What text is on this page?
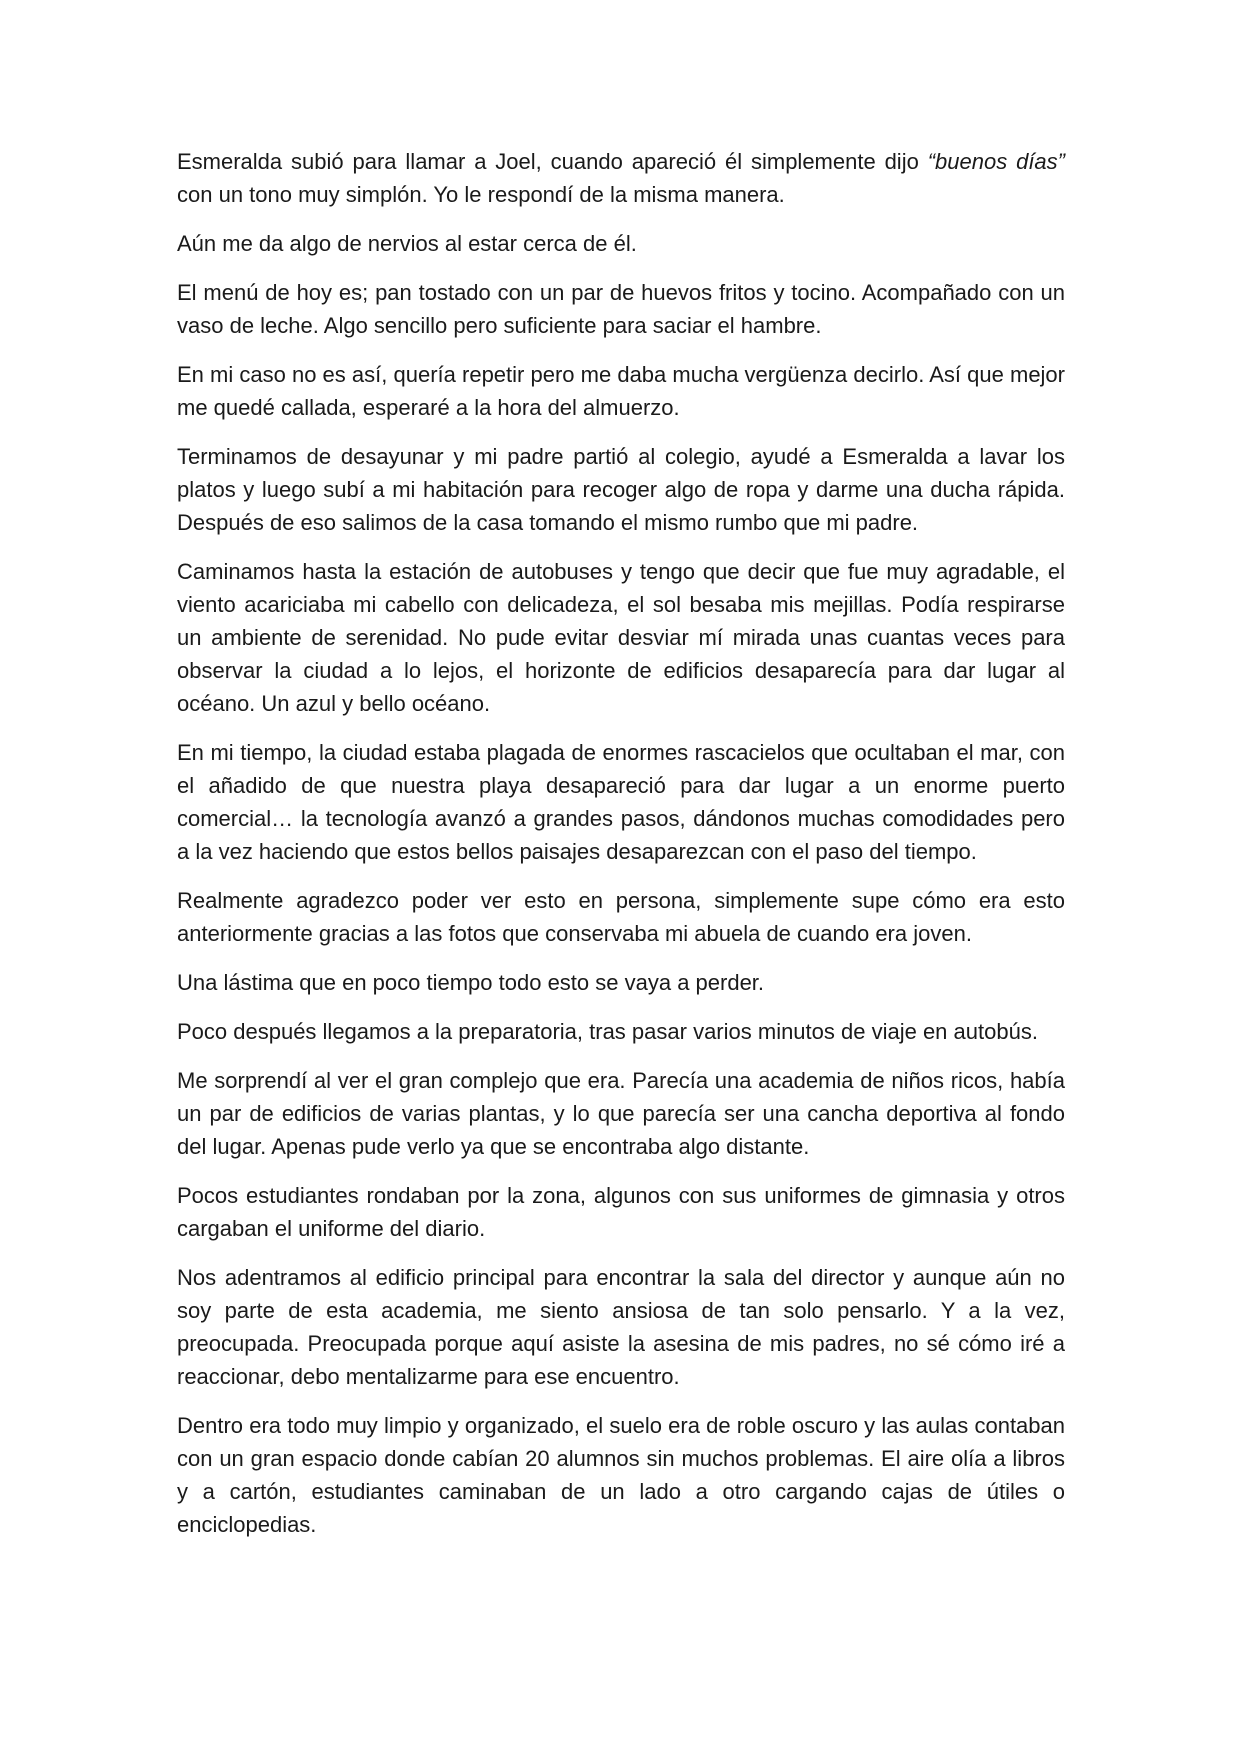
Esmeralda subió para llamar a Joel, cuando apareció él simplemente dijo “buenos días” con un tono muy simplón. Yo le respondí de la misma manera.

Aún me da algo de nervios al estar cerca de él.

El menú de hoy es; pan tostado con un par de huevos fritos y tocino. Acompañado con un vaso de leche. Algo sencillo pero suficiente para saciar el hambre.

En mi caso no es así, quería repetir pero me daba mucha vergüenza decirlo. Así que mejor me quedé callada, esperaré a la hora del almuerzo.

Terminamos de desayunar y mi padre partió al colegio, ayudé a Esmeralda a lavar los platos y luego subí a mi habitación para recoger algo de ropa y darme una ducha rápida. Después de eso salimos de la casa tomando el mismo rumbo que mi padre.

Caminamos hasta la estación de autobuses y tengo que decir que fue muy agradable, el viento acariciaba mi cabello con delicadeza, el sol besaba mis mejillas. Podía respirarse un ambiente de serenidad. No pude evitar desviar mí mirada unas cuantas veces para observar la ciudad a lo lejos, el horizonte de edificios desaparecía para dar lugar al océano. Un azul y bello océano.

En mi tiempo, la ciudad estaba plagada de enormes rascacielos que ocultaban el mar, con el añadido de que nuestra playa desapareció para dar lugar a un enorme puerto comercial… la tecnología avanzó a grandes pasos, dándonos muchas comodidades pero a la vez haciendo que estos bellos paisajes desaparezcan con el paso del tiempo.

Realmente agradezco poder ver esto en persona, simplemente supe cómo era esto anteriormente gracias a las fotos que conservaba mi abuela de cuando era joven.

Una lástima que en poco tiempo todo esto se vaya a perder.

Poco después llegamos a la preparatoria, tras pasar varios minutos de viaje en autobús.

Me sorprendí al ver el gran complejo que era. Parecía una academia de niños ricos, había un par de edificios de varias plantas, y lo que parecía ser una cancha deportiva al fondo del lugar. Apenas pude verlo ya que se encontraba algo distante.

Pocos estudiantes rondaban por la zona, algunos con sus uniformes de gimnasia y otros cargaban el uniforme del diario.

Nos adentramos al edificio principal para encontrar la sala del director y aunque aún no soy parte de esta academia, me siento ansiosa de tan solo pensarlo. Y a la vez, preocupada. Preocupada porque aquí asiste la asesina de mis padres, no sé cómo iré a reaccionar, debo mentalizarme para ese encuentro.

Dentro era todo muy limpio y organizado, el suelo era de roble oscuro y las aulas contaban con un gran espacio donde cabían 20 alumnos sin muchos problemas. El aire olía a libros y a cartón, estudiantes caminaban de un lado a otro cargando cajas de útiles o enciclopedias.
